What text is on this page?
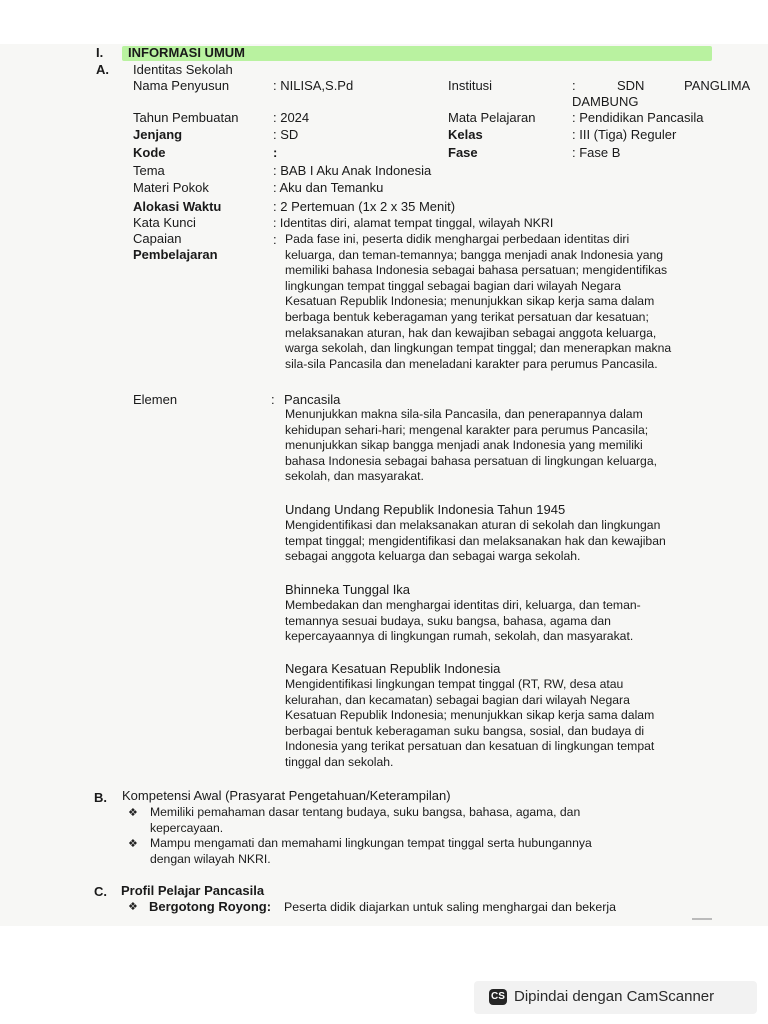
I. INFORMASI UMUM
A. Identitas Sekolah
Nama Penyusun	: NILISA,S.Pd	Institusi	:	SDN	PANGLIMA
DAMBUNG
Tahun Pembuatan	: 2024	Mata Pelajaran	: Pendidikan Pancasila
Jenjang	: SD	Kelas	: III (Tiga) Reguler
Kode	:	Fase	: Fase B
Tema	: BAB I Aku Anak Indonesia
Materi Pokok	: Aku dan Temanku
Alokasi Waktu	: 2 Pertemuan (1x 2 x 35 Menit)
Kata Kunci	: Identitas diri, alamat tempat tinggal, wilayah NKRI
Capaian
Pembelajaran
: Pada fase ini, peserta didik menghargai perbedaan identitas diri
keluarga, dan teman-temannya; bangga menjadi anak Indonesia yang
memiliki bahasa Indonesia sebagai bahasa persatuan; mengidentifikas
lingkungan tempat tinggal sebagai bagian dari wilayah Negara
Kesatuan Republik Indonesia; menunjukkan sikap kerja sama dalam
berbaga bentuk keberagaman yang terikat persatuan dar kesatuan;
melaksanakan aturan, hak dan kewajiban sebagai anggota keluarga,
warga sekolah, dan lingkungan tempat tinggal; dan menerapkan makna
sila-sila Pancasila dan meneladani karakter para perumus Pancasila.
Elemen	: Pancasila
Menunjukkan makna sila-sila Pancasila, dan penerapannya dalam
kehidupan sehari-hari; mengenal karakter para perumus Pancasila;
menunjukkan sikap bangga menjadi anak Indonesia yang memiliki
bahasa Indonesia sebagai bahasa persatuan di lingkungan keluarga,
sekolah, dan masyarakat.
Undang Undang Republik Indonesia Tahun 1945
Mengidentifikasi dan melaksanakan aturan di sekolah dan lingkungan
tempat tinggal; mengidentifikasi dan melaksanakan hak dan kewajiban
sebagai anggota keluarga dan sebagai warga sekolah.
Bhinneka Tunggal Ika
Membedakan dan menghargai identitas diri, keluarga, dan teman-
temannya sesuai budaya, suku bangsa, bahasa, agama dan
kepercayaannya di lingkungan rumah, sekolah, dan masyarakat.
Negara Kesatuan Republik Indonesia
Mengidentifikasi lingkungan tempat tinggal (RT, RW, desa atau
kelurahan, dan kecamatan) sebagai bagian dari wilayah Negara
Kesatuan Republik Indonesia; menunjukkan sikap kerja sama dalam
berbagai bentuk keberagaman suku bangsa, sosial, dan budaya di
Indonesia yang terikat persatuan dan kesatuan di lingkungan tempat
tinggal dan sekolah.
B. Kompetensi Awal (Prasyarat Pengetahuan/Keterampilan)
❖ Memiliki pemahaman dasar tentang budaya, suku bangsa, bahasa, agama, dan
kepercayaan.
❖ Mampu mengamati dan memahami lingkungan tempat tinggal serta hubungannya
dengan wilayah NKRI.
C. Profil Pelajar Pancasila
❖ Bergotong Royong: Peserta didik diajarkan untuk saling menghargai dan bekerja
CS Dipindai dengan CamScanner
